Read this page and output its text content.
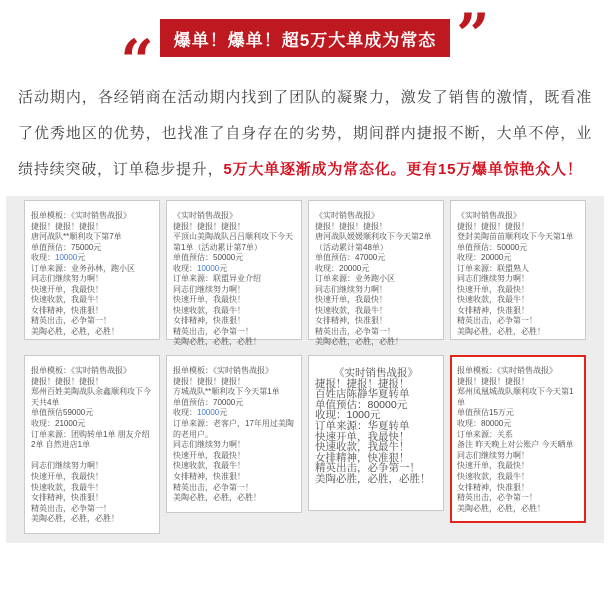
“	爆单！爆单！超5万大单成为常态 ”
活动期内，各经销商在活动期内找到了团队的凝聚力，激发了销售的激情，既看准了优秀地区的优势，也找准了自身存在的劣势，期间群内捷报不断，大单不停，业绩持续突破，订单稳步提升，5万大单逐渐成为常态化。更有15万爆单惊艳众人！
报单模板：《实时销售战报》
捷报！捷报！捷报！
唐河战队**顺利攻下第7单
单值预估：75000元
收现：10000元
订单来源：业务孙林，跑小区
同志们继续努力啊！
快速开单，我最快！
快速收款，我最牛！
女排精神，快准狠！
精英出击，必争第一！
美陶必胜，必胜，必胜！
《实时销售战报》
捷报！捷报！捷报！
平顶山美陶战队吕吕顺利攻下今天
第1单（活动累计第7单）
单值预估：50000元
收现：10000元
订单来源：联盟异业介绍
同志们继续努力啊！
快速开单，我最快！
快速收款，我最牛！
女排精神，快准狠！
精英出击，必争第一！
美陶必胜，必胜，必胜！
《实时销售战报》
捷报！捷报！捷报！
唐河战队媛媛顺利攻下今天第2单
（活动累计第48单）
单值预估：47000元
收现：20000元
订单来源：业务跑小区
同志们继续努力啊！
快速开单，我最快！
快速收款，我最牛！
女排精神，快准狠！
精英出击，必争第一！
美陶必胜，必胜，必胜！
《实时销售战报》
捷报！捷报！捷报！
登封美陶苗苗顺利攻下今天第1单
单值预估：50000元
收现：20000元
订单来源：联盟熟人
同志们继续努力啊！
快速开单，我最快！
快速收款，我最牛！
女排精神，快准狠！
精英出击，必争第一！
美陶必胜，必胜，必胜！
报单模板：《实时销售战报》
捷报！捷报！捷报！
郑州百姓美陶战队余鑫顺利攻下今
天共4单
单值预估59000元
收现：21000元
订单来源：团购转单1单 朋友介绍
2单 自然进店1单

同志们继续努力啊！
快速开单，我最快！
快速收款，我最牛！
女排精神，快准狠！
精英出击，必争第一！
美陶必胜，必胜，必胜！
报单模板：《实时销售战报》
捷报！捷报！捷报！
方城战队**顺利攻下今天第1单
单值预估：70000元
收现：10000元
订单来源：老客户，17年用过美陶
的老用户。
同志们继续努力啊！
快速开单，我最快！
快速收款，我最牛！
女排精神，快准狠！
精英出击，必争第一！
美陶必胜，必胜，必胜！
《实时销售战报》
捷报！捷报！捷报！
百姓店陈静华夏转单
单值预估：80000元
收现：1000元
订单来源：华夏转单
快速开单，我最快！
快速收款，我最牛！
女排精神，快准狠！
精英出击，必争第一！
美陶必胜，必胜，必胜！
报单模板：《实时销售战报》
捷报！捷报！捷报！
郑州凤凰城战队顺利攻下今天第1
单
单值预估15万元
收现：80000元
订单来源：关系
备注 昨天晚上对公账户 今天晒单
同志们继续努力啊！
快速开单，我最快！
快速收款，我最牛！
女排精神，快准狠！
精英出击，必争第一！
美陶必胜，必胜，必胜！
